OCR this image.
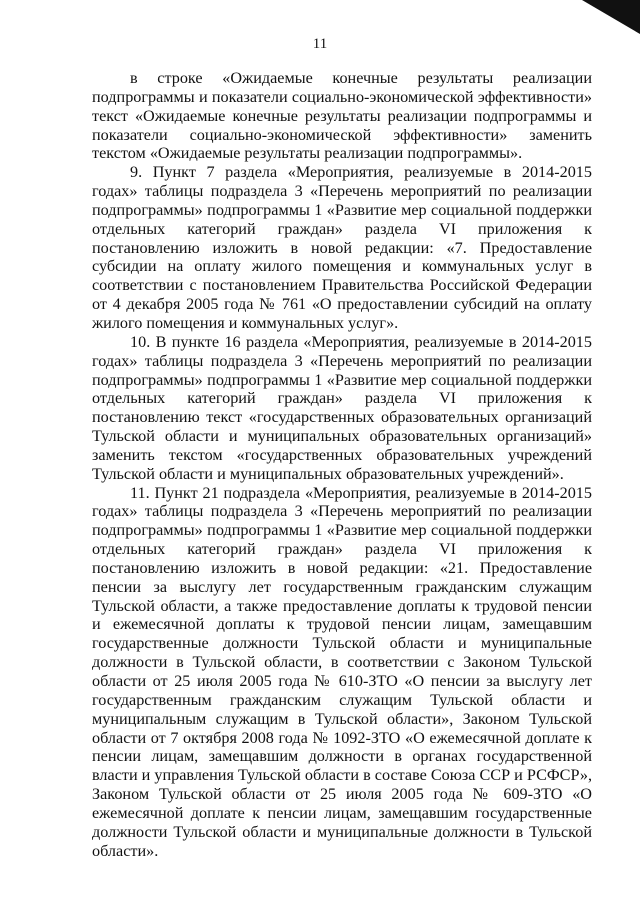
11

в строке «Ожидаемые конечные результаты реализации подпрограммы и показатели социально-экономической эффективности» текст «Ожидаемые конечные результаты реализации подпрограммы и показатели социально-экономической эффективности» заменить текстом «Ожидаемые результаты реализации подпрограммы».

9. Пункт 7 раздела «Мероприятия, реализуемые в 2014-2015 годах» таблицы подраздела 3 «Перечень мероприятий по реализации подпрограммы» подпрограммы 1 «Развитие мер социальной поддержки отдельных категорий граждан» раздела VI приложения к постановлению изложить в новой редакции: «7. Предоставление субсидии на оплату жилого помещения и коммунальных услуг в соответствии с постановлением Правительства Российской Федерации от 4 декабря 2005 года № 761 «О предоставлении субсидий на оплату жилого помещения и коммунальных услуг».

10. В пункте 16 раздела «Мероприятия, реализуемые в 2014-2015 годах» таблицы подраздела 3 «Перечень мероприятий по реализации подпрограммы» подпрограммы 1 «Развитие мер социальной поддержки отдельных категорий граждан» раздела VI приложения к постановлению текст «государственных образовательных организаций Тульской области и муниципальных образовательных организаций» заменить текстом «государственных образовательных учреждений Тульской области и муниципальных образовательных учреждений».

11. Пункт 21 подраздела «Мероприятия, реализуемые в 2014-2015 годах» таблицы подраздела 3 «Перечень мероприятий по реализации подпрограммы» подпрограммы 1 «Развитие мер социальной поддержки отдельных категорий граждан» раздела VI приложения к постановлению изложить в новой редакции: «21. Предоставление пенсии за выслугу лет государственным гражданским служащим Тульской области, а также предоставление доплаты к трудовой пенсии и ежемесячной доплаты к трудовой пенсии лицам, замещавшим государственные должности Тульской области и муниципальные должности в Тульской области, в соответствии с Законом Тульской области от 25 июля 2005 года № 610-ЗТО «О пенсии за выслугу лет государственным гражданским служащим Тульской области и муниципальным служащим в Тульской области», Законом Тульской области от 7 октября 2008 года № 1092-ЗТО «О ежемесячной доплате к пенсии лицам, замещавшим должности в органах государственной власти и управления Тульской области в составе Союза ССР и РСФСР», Законом Тульской области от 25 июля 2005 года № 609-ЗТО «О ежемесячной доплате к пенсии лицам, замещавшим государственные должности Тульской области и муниципальные должности в Тульской области».
